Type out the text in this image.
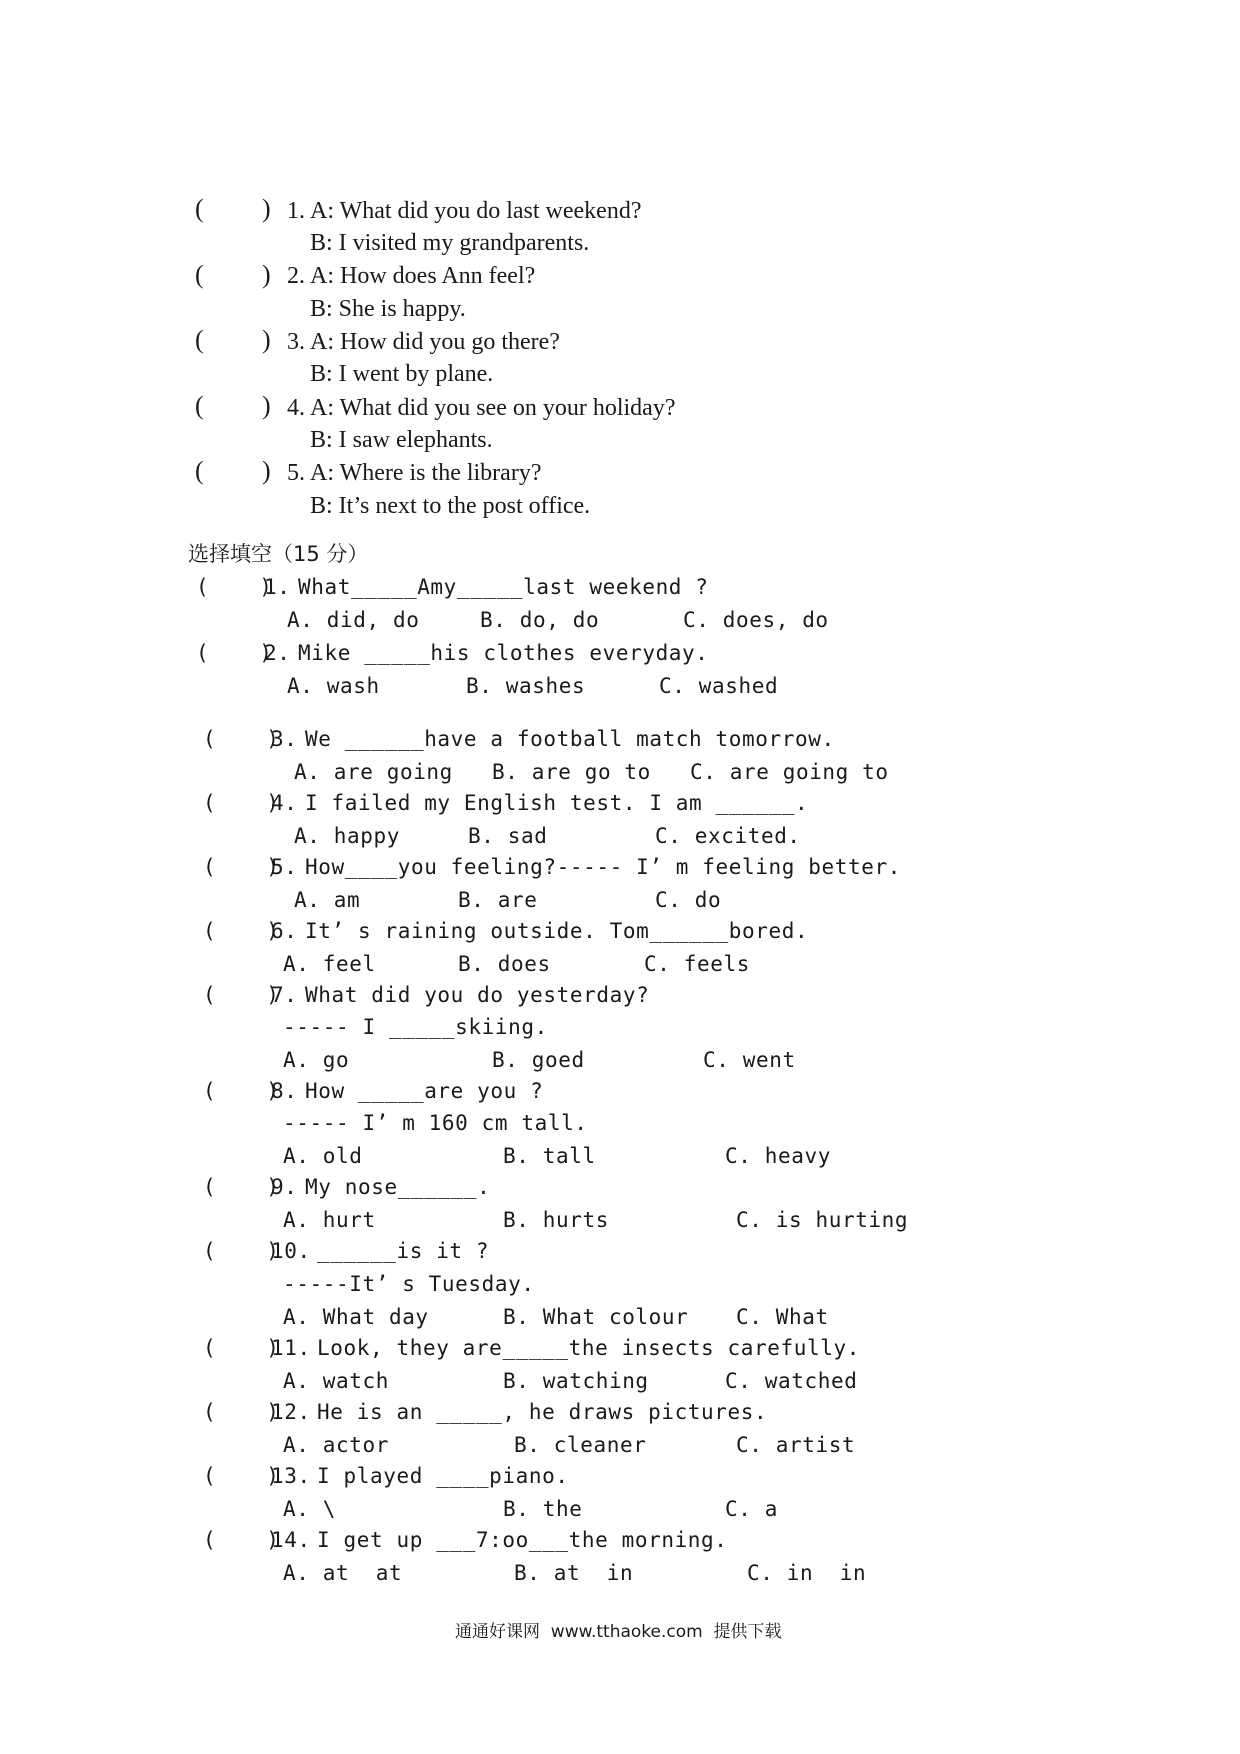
( ) 1. A: What did you do last weekend?
B: I visited my grandparents.
( ) 2. A: How does Ann feel?
B: She is happy.
( ) 3. A: How did you go there?
B: I went by plane.
( ) 4. A: What did you see on your holiday?
B: I saw elephants.
( ) 5. A: Where is the library?
B: It’s next to the post office.
选择填空（15 分）
(    )
1. What_____Amy_____last weekend ?
A. did, do	B. do, do	C. does, do
(    )
2. Mike _____his clothes everyday.
A. wash	B. washes	C. washed
(    )
3. We ______have a football match tomorrow.
A. are going B. are go to C. are going to
(    )
4. I failed my English test. I am ______.
A. happy	B. sad	C. excited.
(    )
5. How____you feeling?----- I’ m feeling better.
A. am	B. are	C. do
(    )
6. It’ s raining outside. Tom______bored.
A. feel	B. does	C. feels
(    )
7. What did you do yesterday?
----- I _____skiing.
A. go	B. goed	C. went
(    )
8. How _____are you ?
----- I’ m 160 cm tall.
A. old	B. tall	C. heavy
(    )
9. My nose______.
A. hurt	B. hurts	C. is hurting
(    )
10. ______is it ?
-----It’ s Tuesday.
A. What day	B. What colour C. What
(    )
11. Look, they are_____the insects carefully.
A. watch	B. watching	C. watched
(    )
12. He is an _____, he draws pictures.
A. actor	B. cleaner	C. artist
(    )
13. I played ____piano.
A. \	B. the	C. a
(    )
14. I get up ___7:oo___the morning.
A. at  at	B. at  in	C. in  in
通通好课网  www.tthaoke.com  提供下载
